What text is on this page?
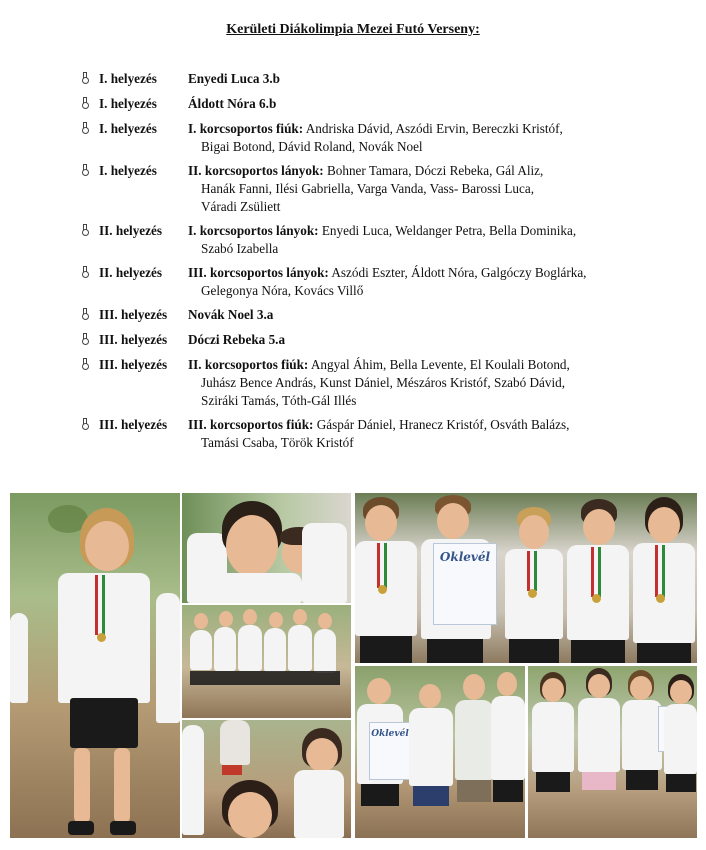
Kerületi Diákolimpia Mezei Futó Verseny:
I. helyezés Enyedi Luca 3.b
I. helyezés Áldott Nóra 6.b
I. helyezés I. korcsoportos fiúk: Andriska Dávid, Aszódi Ervin, Bereczki Kristóf,
Bigai Botond, Dávid Roland, Novák Noel
I. helyezés II. korcsoportos lányok: Bohner Tamara, Dóczi Rebeka, Gál Aliz,
Hanák Fanni, Ilési Gabriella, Varga Vanda, Vass- Barossi Luca,
Váradi Zsüliett
II. helyezés I. korcsoportos lányok: Enyedi Luca, Weldanger Petra, Bella Dominika,
Szabó Izabella
II. helyezés III. korcsoportos lányok: Aszódi Eszter, Áldott Nóra, Galgóczy Boglárka,
Gelegonya Nóra, Kovács Villő
III. helyezés Novák Noel 3.a
III. helyezés Dóczi Rebeka 5.a
III. helyezés II. korcsoportos fiúk: Angyal Áhim, Bella Levente, El Koulali Botond,
Juhász Bence András, Kunst Dániel, Mészáros Kristóf, Szabó Dávid,
Sziráki Tamás, Tóth-Gál Illés
III. helyezés III. korcsoportos fiúk: Gáspár Dániel, Hranecz Kristóf, Osváth Balázs,
Tamási Csaba, Török Kristóf
Oklevél
Oklevél
